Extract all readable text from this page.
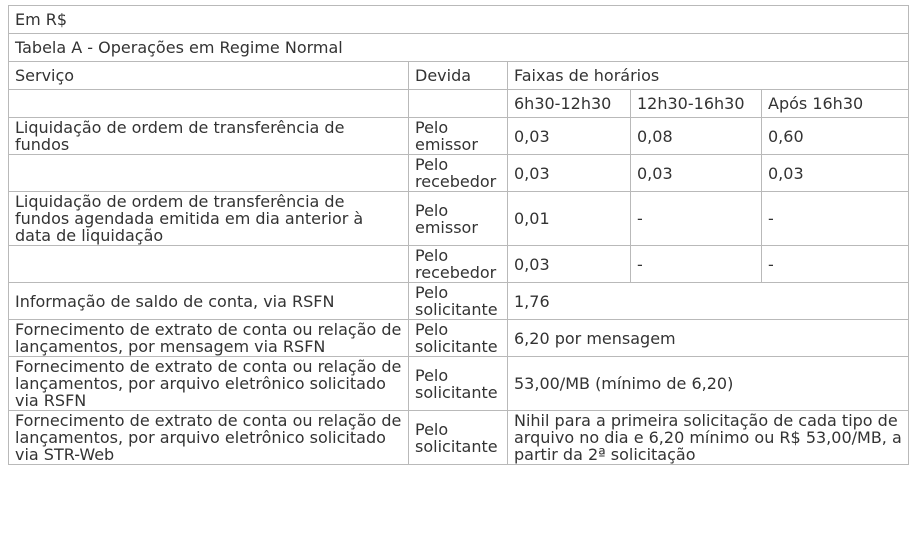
Em R$				
Tabela A - Operações em Regime Normal				
Serviço	Devida	Faixas de horários		
		6h30-12h30	12h30-16h30	Após 16h30
Liquidação de ordem de transferência de fundos	Pelo emissor	0,03	0,08	0,60
	Pelo recebedor	0,03	0,03	0,03
Liquidação de ordem de transferência de fundos agendada emitida em dia anterior à data de liquidação	Pelo emissor	0,01	-	-
	Pelo recebedor	0,03	-	-
Informação de saldo de conta, via RSFN	Pelo solicitante	1,76		
Fornecimento de extrato de conta ou relação de lançamentos, por mensagem via RSFN	Pelo solicitante	6,20 por mensagem		
Fornecimento de extrato de conta ou relação de lançamentos, por arquivo eletrônico solicitado via RSFN	Pelo solicitante	53,00/MB (mínimo de 6,20)		
Fornecimento de extrato de conta ou relação de lançamentos, por arquivo eletrônico solicitado via STR-Web	Pelo solicitante	Nihil para a primeira solicitação de cada tipo de arquivo no dia e 6,20 mínimo ou R$ 53,00/MB, a partir da 2ª solicitação		
